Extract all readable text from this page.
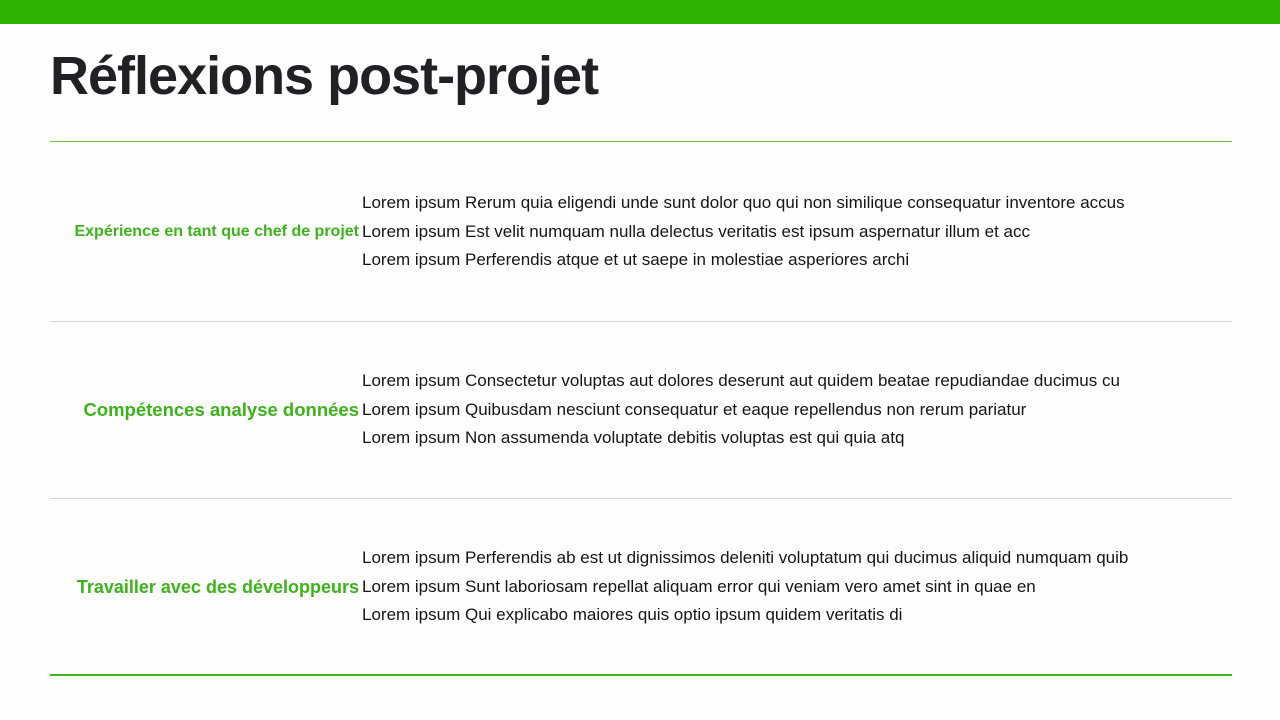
Réflexions post-projet
Expérience en tant que chef de projet
Lorem ipsum Rerum quia eligendi unde sunt dolor quo qui non similique consequatur inventore accus
Lorem ipsum Est velit numquam nulla delectus veritatis est ipsum aspernatur illum et acc
Lorem ipsum Perferendis atque et ut saepe in molestiae asperiores archi
Compétences analyse données
Lorem ipsum Consectetur voluptas aut dolores deserunt aut quidem beatae repudiandae ducimus cu
Lorem ipsum Quibusdam nesciunt consequatur et eaque repellendus non rerum pariatur
Lorem ipsum Non assumenda voluptate debitis voluptas est qui quia atq
Travailler avec des développeurs
Lorem ipsum Perferendis ab est ut dignissimos deleniti voluptatum qui ducimus aliquid numquam quib
Lorem ipsum Sunt laboriosam repellat aliquam error qui veniam vero amet sint in quae en
Lorem ipsum Qui explicabo maiores quis optio ipsum quidem veritatis di
